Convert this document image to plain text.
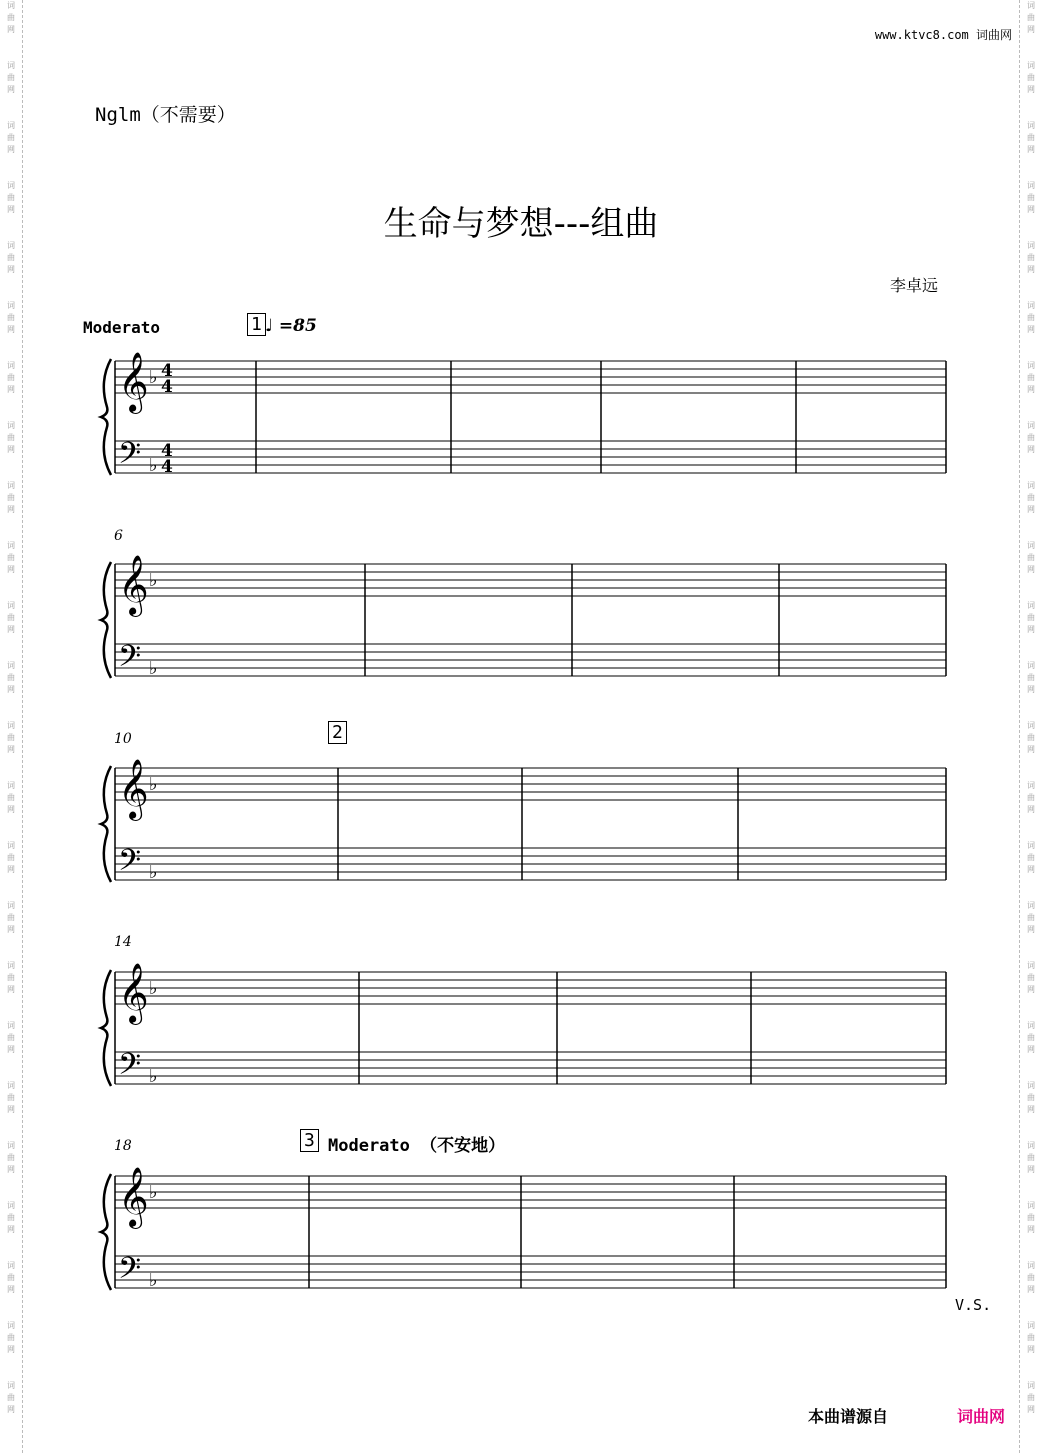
词
曲
网
词
曲
网
词
曲
网
词
曲
网
词
曲
网
词
曲
网
词
曲
网
词
曲
网
词
曲
网
词
曲
网
词
曲
网
词
曲
网
词
曲
网
词
曲
网
词
曲
网
词
曲
网
词
曲
网
词
曲
网
词
曲
网
词
曲
网
词
曲
网
词
曲
网
词
曲
网
词
曲
网
词
曲
网
词
曲
网
词
曲
网
词
曲
网
词
曲
网
词
曲
网
词
曲
网
词
曲
网
词
曲
网
词
曲
网
词
曲
网
词
曲
网
词
曲
网
词
曲
网
词
曲
网
词
曲
网
词
曲
网
词
曲
网
词
曲
网
词
曲
网
词
曲
网
词
曲
网
词
曲
网
词
曲
网
www.ktvc8.com 词曲网
Nglm（不需要）
生命与梦想---组曲
李卓远
Moderato	1 ♩ =85
6
10	2
14
18	3 Moderato （不安地）
V.S.
本曲谱源自	词曲网
𝄞
𝄢
♭
♭
4
4
4
4
𝄞
𝄢
♭
♭
𝄞
𝄢
♭
♭
𝄞
𝄢
♭
♭
𝄞
𝄢
♭
♭
